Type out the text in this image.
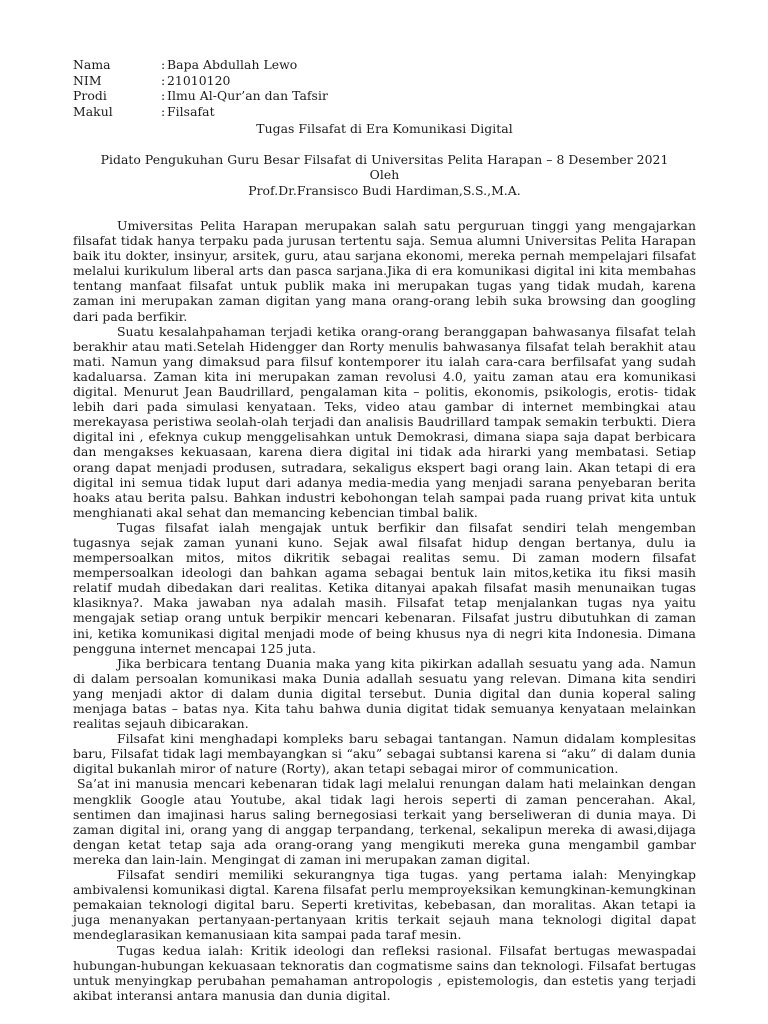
Nama	: Bapa Abdullah Lewo
NIM	: 21010120
Prodi	: Ilmu Al-Qur’an dan Tafsir
Makul	: Filsafat
Tugas Filsafat di Era Komunikasi Digital
Pidato Pengukuhan Guru Besar Filsafat di Universitas Pelita Harapan – 8 Desember 2021
Oleh
Prof.Dr.Fransisco Budi Hardiman,S.S.,M.A.

Umiversitas Pelita Harapan merupakan salah satu perguruan tinggi yang mengajarkan filsafat tidak hanya terpaku pada jurusan tertentu saja. Semua alumni Universitas Pelita Harapan baik itu dokter, insinyur, arsitek, guru, atau sarjana ekonomi, mereka pernah mempelajari filsafat melalui kurikulum liberal arts dan pasca sarjana.Jika di era komunikasi digital ini kita membahas tentang manfaat filsafat untuk publik maka ini merupakan tugas yang tidak mudah, karena zaman ini merupakan zaman digitan yang mana orang-orang lebih suka browsing dan googling dari pada berfikir.

Suatu kesalahpahaman terjadi ketika orang-orang beranggapan bahwasanya filsafat telah berakhir atau mati.Setelah Hidengger dan Rorty menulis bahwasanya filsafat telah berakhit atau mati. Namun yang dimaksud para filsuf kontemporer itu ialah cara-cara berfilsafat yang sudah kadaluarsa. Zaman kita ini merupakan zaman revolusi 4.0, yaitu zaman atau era komunikasi digital. Menurut Jean Baudrillard, pengalaman kita – politis, ekonomis, psikologis, erotis- tidak lebih dari pada simulasi kenyataan. Teks, video atau gambar di internet membingkai atau merekayasa peristiwa seolah-olah terjadi dan analisis Baudrillard tampak semakin terbukti. Diera digital ini , efeknya cukup menggelisahkan untuk Demokrasi, dimana siapa saja dapat berbicara dan mengakses kekuasaan, karena diera digital ini tidak ada hirarki yang membatasi. Setiap orang dapat menjadi produsen, sutradara, sekaligus ekspert bagi orang lain. Akan tetapi di era digital ini semua tidak luput dari adanya media-media yang menjadi sarana penyebaran berita hoaks atau berita palsu. Bahkan industri kebohongan telah sampai pada ruang privat kita untuk menghianati akal sehat dan memancing kebencian timbal balik.

Tugas filsafat ialah mengajak untuk berfikir dan filsafat sendiri telah mengemban tugasnya sejak zaman yunani kuno. Sejak awal filsafat hidup dengan bertanya, dulu ia mempersoalkan mitos, mitos dikritik sebagai realitas semu. Di zaman modern filsafat mempersoalkan ideologi dan bahkan agama sebagai bentuk lain mitos,ketika itu fiksi masih relatif mudah dibedakan dari realitas. Ketika ditanyai apakah filsafat masih menunaikan tugas klasiknya?. Maka jawaban nya adalah masih. Filsafat tetap menjalankan tugas nya yaitu mengajak setiap orang untuk berpikir mencari kebenaran. Filsafat justru dibutuhkan di zaman ini, ketika komunikasi digital menjadi mode of being khusus nya di negri kita Indonesia. Dimana pengguna internet mencapai 125 juta.

Jika berbicara tentang Duania maka yang kita pikirkan adallah sesuatu yang ada. Namun di dalam persoalan komunikasi maka Dunia adallah sesuatu yang relevan. Dimana kita sendiri yang menjadi aktor di dalam dunia digital tersebut. Dunia digital dan dunia koperal saling menjaga batas – batas nya. Kita tahu bahwa dunia digitat tidak semuanya kenyataan melainkan realitas sejauh dibicarakan.

Filsafat kini menghadapi kompleks baru sebagai tantangan. Namun didalam komplesitas baru, Filsafat tidak lagi membayangkan si “aku” sebagai subtansi karena si “aku” di dalam dunia digital bukanlah miror of nature (Rorty), akan tetapi sebagai miror of communication.

Sa’at ini manusia mencari kebenaran tidak lagi melalui renungan dalam hati melainkan dengan mengklik Google atau Youtube, akal tidak lagi herois seperti di zaman pencerahan. Akal, sentimen dan imajinasi harus saling bernegosiasi terkait yang berseliweran di dunia maya. Di zaman digital ini, orang yang di anggap terpandang, terkenal, sekalipun mereka di awasi,dijaga dengan ketat tetap saja ada orang-orang yang mengikuti mereka guna mengambil gambar mereka dan lain-lain. Mengingat di zaman ini merupakan zaman digital.

Filsafat sendiri memiliki sekurangnya tiga tugas. yang pertama ialah: Menyingkap ambivalensi komunikasi digtal. Karena filsafat perlu memproyeksikan kemungkinan-kemungkinan pemakaian teknologi digital baru. Seperti kretivitas, kebebasan, dan moralitas. Akan tetapi ia juga menanyakan pertanyaan-pertanyaan kritis terkait sejauh mana teknologi digital dapat mendeglarasikan kemanusiaan kita sampai pada taraf mesin.

Tugas kedua ialah: Kritik ideologi dan refleksi rasional. Filsafat bertugas mewaspadai hubungan-hubungan kekuasaan teknoratis dan cogmatisme sains dan teknologi. Filsafat bertugas untuk menyingkap perubahan pemahaman antropologis , epistemologis, dan estetis yang terjadi akibat interansi antara manusia dan dunia digital.
